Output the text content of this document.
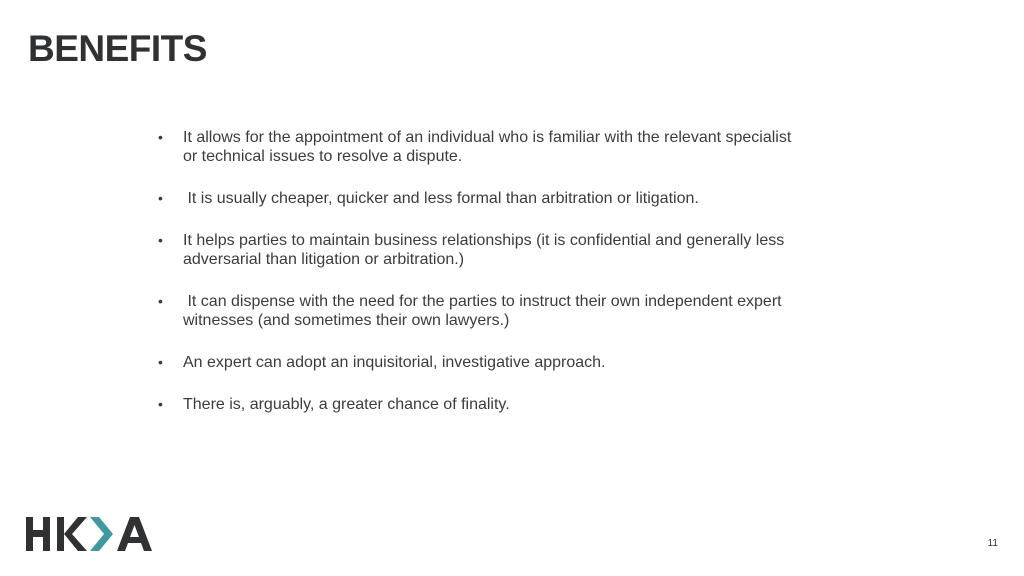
BENEFITS
• It allows for the appointment of an individual who is familiar with the relevant specialist or technical issues to resolve a dispute.
• It is usually cheaper, quicker and less formal than arbitration or litigation.
• It helps parties to maintain business relationships (it is confidential and generally less adversarial than litigation or arbitration.)
• It can dispense with the need for the parties to instruct their own independent expert witnesses (and sometimes their own lawyers.)
• An expert can adopt an inquisitorial, investigative approach.
• There is, arguably, a greater chance of finality.
11
